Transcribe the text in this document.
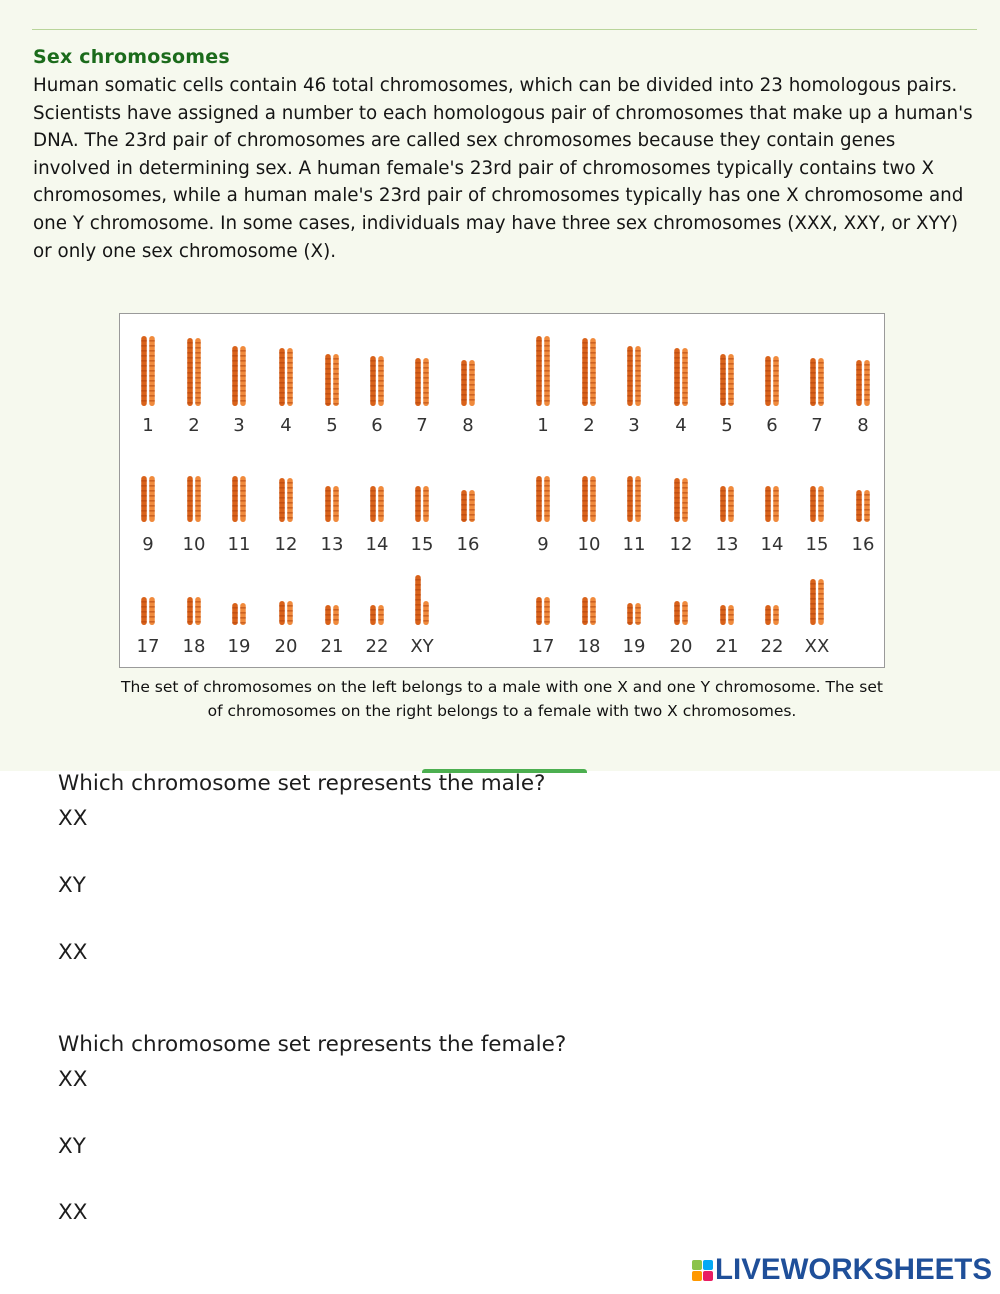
Sex chromosomes

Human somatic cells contain 46 total chromosomes, which can be divided into 23 homologous pairs. Scientists have assigned a number to each homologous pair of chromosomes that make up a human's DNA. The 23rd pair of chromosomes are called sex chromosomes because they contain genes involved in determining sex. A human female's 23rd pair of chromosomes typically contains two X chromosomes, while a human male's 23rd pair of chromosomes typically has one X chromosome and one Y chromosome. In some cases, individuals may have three sex chromosomes (XXX, XXY, or XYY) or only one sex chromosome (X).

1 2 3 4 5 6 7 8
9 10 11 12 13 14 15 16
17 18 19 20 21 22 XY
1 2 3 4 5 6 7 8
9 10 11 12 13 14 15 16
17 18 19 20 21 22 XX

The set of chromosomes on the left belongs to a male with one X and one Y chromosome. The set of chromosomes on the right belongs to a female with two X chromosomes.

Which chromosome set represents the male?
XX
XY
XX
Which chromosome set represents the female?
XX
XY
XX
LIVEWORKSHEETS
